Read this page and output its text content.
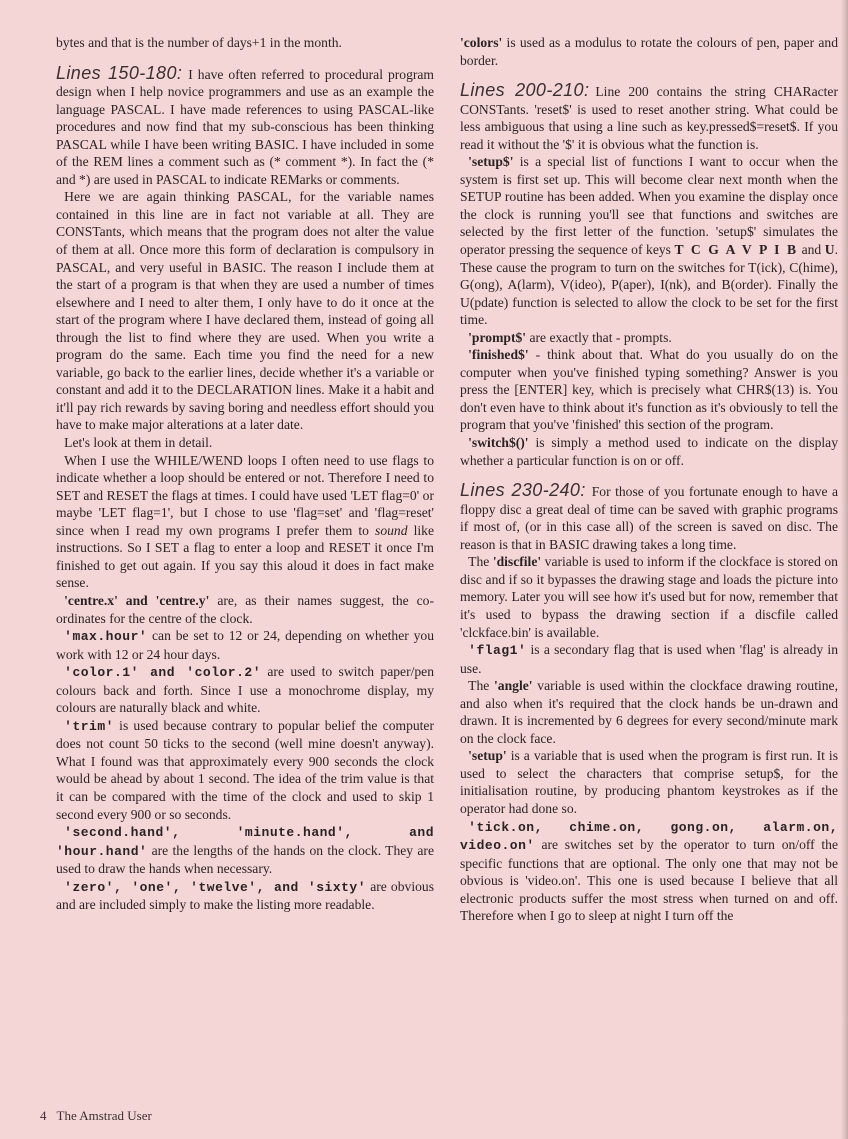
bytes and that is the number of days+1 in the month.

Lines 150-180: I have often referred to procedural program design when I help novice programmers and use as an example the language PASCAL. I have made references to using PASCAL-like procedures and now find that my sub-conscious has been thinking PASCAL while I have been writing BASIC. I have included in some of the REM lines a comment such as (* comment *). In fact the (* and *) are used in PASCAL to indicate REMarks or comments.

Here we are again thinking PASCAL, for the variable names contained in this line are in fact not variable at all. They are CONSTants, which means that the program does not alter the value of them at all. Once more this form of declaration is compulsory in PASCAL, and very useful in BASIC. The reason I include them at the start of a program is that when they are used a number of times elsewhere and I need to alter them, I only have to do it once at the start of the program where I have declared them, instead of going all through the list to find where they are used. When you write a program do the same. Each time you find the need for a new variable, go back to the earlier lines, decide whether it's a variable or constant and add it to the DECLARATION lines. Make it a habit and it'll pay rich rewards by saving boring and needless effort should you have to make major alterations at a later date.

Let's look at them in detail.

When I use the WHILE/WEND loops I often need to use flags to indicate whether a loop should be entered or not. Therefore I need to SET and RESET the flags at times. I could have used 'LET flag=0' or maybe 'LET flag=1', but I chose to use 'flag=set' and 'flag=reset' since when I read my own programs I prefer them to sound like instructions. So I SET a flag to enter a loop and RESET it once I'm finished to get out again. If you say this aloud it does in fact make sense.

'centre.x' and 'centre.y' are, as their names suggest, the co-ordinates for the centre of the clock.

'max.hour' can be set to 12 or 24, depending on whether you work with 12 or 24 hour days.

'color.1' and 'color.2' are used to switch paper/pen colours back and forth. Since I use a monochrome display, my colours are naturally black and white.

'trim' is used because contrary to popular belief the computer does not count 50 ticks to the second (well mine doesn't anyway). What I found was that approximately every 900 seconds the clock would be ahead by about 1 second. The idea of the trim value is that it can be compared with the time of the clock and used to skip 1 second every 900 or so seconds.

'second.hand', 'minute.hand', and 'hour.hand' are the lengths of the hands on the clock. They are used to draw the hands when necessary.

'zero', 'one', 'twelve', and 'sixty' are obvious and are included simply to make the listing more readable.

'colors' is used as a modulus to rotate the colours of pen, paper and border.

Lines 200-210: Line 200 contains the string CHARacter CONSTants. 'reset$' is used to reset another string. What could be less ambiguous that using a line such as key.pressed$=reset$. If you read it without the '$' it is obvious what the function is.

'setup$' is a special list of functions I want to occur when the system is first set up. This will become clear next month when the SETUP routine has been added. When you examine the display once the clock is running you'll see that functions and switches are selected by the first letter of the function. 'setup$' simulates the operator pressing the sequence of keys T C G A V P I B and U. These cause the program to turn on the switches for T(ick), C(hime), G(ong), A(larm), V(ideo), P(aper), I(nk), and B(order). Finally the U(pdate) function is selected to allow the clock to be set for the first time.

'prompt$' are exactly that - prompts.

'finished$' - think about that. What do you usually do on the computer when you've finished typing something? Answer is you press the [ENTER] key, which is precisely what CHR$(13) is. You don't even have to think about it's function as it's obviously to tell the program that you've 'finished' this section of the program.

'switch$()' is simply a method used to indicate on the display whether a particular function is on or off.

Lines 230-240: For those of you fortunate enough to have a floppy disc a great deal of time can be saved with graphic programs if most of, (or in this case all) of the screen is saved on disc. The reason is that in BASIC drawing takes a long time.

The 'discfile' variable is used to inform if the clockface is stored on disc and if so it bypasses the drawing stage and loads the picture into memory. Later you will see how it's used but for now, remember that it's used to bypass the drawing section if a discfile called 'clckface.bin' is available.

'flag1' is a secondary flag that is used when 'flag' is already in use.

The 'angle' variable is used within the clockface drawing routine, and also when it's required that the clock hands be un-drawn and drawn. It is incremented by 6 degrees for every second/minute mark on the clock face.

'setup' is a variable that is used when the program is first run. It is used to select the characters that comprise setup$, for the initialisation routine, by producing phantom keystrokes as if the operator had done so.

'tick.on, chime.on, gong.on, alarm.on, video.on' are switches set by the operator to turn on/off the specific functions that are optional. The only one that may not be obvious is 'video.on'. This one is used because I believe that all electronic products suffer the most stress when turned on and off. Therefore when I go to sleep at night I turn off the

4 The Amstrad User
